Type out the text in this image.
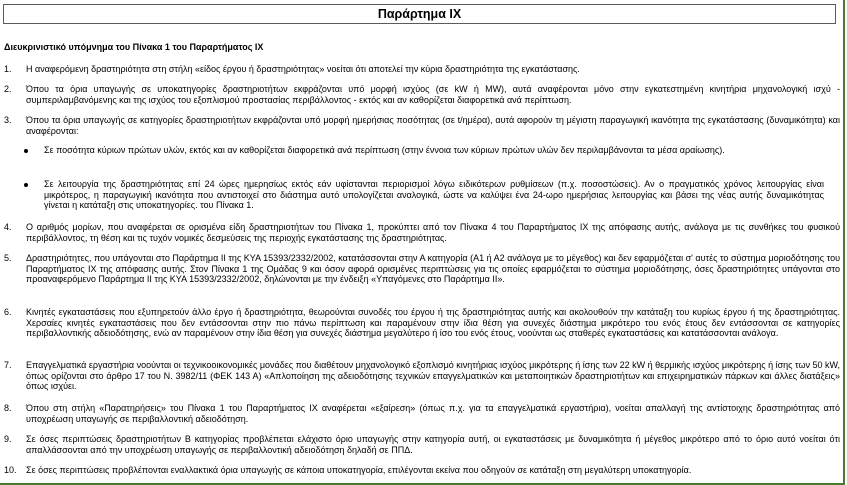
Παράρτημα ΙΧ
Διευκρινιστικό υπόμνημα του Πίνακα 1 του Παραρτήματος ΙΧ
1. Η αναφερόμενη δραστηριότητα στη στήλη «είδος έργου ή δραστηριότητας» νοείται ότι αποτελεί την κύρια δραστηριότητα της εγκατάστασης.
2. Όπου τα όρια υπαγωγής σε υποκατηγορίες δραστηριοτήτων εκφράζονται υπό μορφή ισχύος (σε kW ή MW), αυτά αναφέρονται μόνο στην εγκατεστημένη κινητήρια μηχανολογική ισχύ - συμπεριλαμβανόμενης και της ισχύος του εξοπλισμού προστασίας περιβάλλοντος - εκτός και αν καθορίζεται διαφορετικά ανά περίπτωση.
3. Όπου τα όρια υπαγωγής σε κατηγορίες δραστηριοτήτων εκφράζονται υπό μορφή ημερήσιας ποσότητας (σε t/ημέρα), αυτά αφορούν τη μέγιστη παραγωγική ικανότητα της εγκατάστασης (δυναμικότητα) και αναφέρονται:
Σε ποσότητα κύριων πρώτων υλών, εκτός και αν καθορίζεται διαφορετικά ανά περίπτωση (στην έννοια των κύριων πρώτων υλών δεν περιλαμβάνονται τα μέσα αραίωσης).
Σε λειτουργία της δραστηριότητας επί 24 ώρες ημερησίως εκτός εάν υφίστανται περιορισμοί λόγω ειδικότερων ρυθμίσεων (π.χ. ποσοστώσεις). Αν ο πραγματικός χρόνος λειτουργίας είναι μικρότερος, η παραγωγική ικανότητα που αντιστοιχεί στο διάστημα αυτό υπολογίζεται αναλογικά, ώστε να καλύψει ένα 24-ωρο ημερήσιας λειτουργίας και βάσει της νέας αυτής δυναμικότητας γίνεται η κατάταξη στις υποκατηγορίες. του Πίνακα 1.
4. Ο αριθμός μορίων, που αναφέρεται σε ορισμένα είδη δραστηριοτήτων του Πίνακα 1, προκύπτει από τον Πίνακα 4 του Παραρτήματος ΙΧ της απόφασης αυτής, ανάλογα με τις συνθήκες του φυσικού περιβάλλοντος, τη θέση και τις τυχόν νομικές δεσμεύσεις της περιοχής εγκατάστασης της δραστηριότητας.
5. Δραστηριότητες, που υπάγονται στο Παράρτημα ΙΙ της ΚΥΑ 15393/2332/2002, κατατάσσονται στην Α κατηγορία (Α1 ή Α2 ανάλογα με το μέγεθος) και δεν εφαρμόζεται σ' αυτές το σύστημα μοριοδότησης του Παραρτήματος ΙΧ της απόφασης αυτής. Στον Πίνακα 1 της Ομάδας 9 και όσον αφορά ορισμένες περιπτώσεις για τις οποίες εφαρμόζεται το σύστημα μοριοδότησης, όσες δραστηριότητες υπάγονται στο προαναφερόμενο Παράρτημα ΙΙ της ΚΥΑ 15393/2332/2002, δηλώνονται με την ένδειξη «Υπαγόμενες στο Παράρτημα ΙΙ».
6. Κινητές εγκαταστάσεις που εξυπηρετούν άλλο έργο ή δραστηριότητα, θεωρούνται συνοδές του έργου ή της δραστηριότητας αυτής και ακολουθούν την κατάταξη του κυρίως έργου ή της δραστηριότητας. Χερσαίες κινητές εγκαταστάσεις που δεν εντάσσονται στην πιο πάνω περίπτωση και παραμένουν στην ίδια θέση για συνεχές διάστημα μικρότερο του ενός έτους δεν εντάσσονται σε κατηγορίες περιβαλλοντικής αδειοδότησης, ενώ αν παραμένουν στην ίδια θέση για συνεχές διάστημα μεγαλύτερο ή ίσο του ενός έτους, νοούνται ως σταθερές εγκαταστάσεις και κατατάσσονται ανάλογα.
7. Επαγγελματικά εργαστήρια νοούνται οι τεχνικοοικονομικές μονάδες που διαθέτουν μηχανολογικό εξοπλισμό κινητήριας ισχύος μικρότερης ή ίσης των 22 kW ή θερμικής ισχύος μικρότερης ή ίσης των 50 kW, όπως ορίζονται στο άρθρο 17 του Ν. 3982/11 (ΦΕΚ 143 Α) «Απλοποίηση της αδειοδότησης τεχνικών επαγγελματικών και μεταποιητικών δραστηριοτήτων και επιχειρηματικών πάρκων και άλλες διατάξεις» όπως ισχύει.
8. Όπου στη στήλη «Παρατηρήσεις» του Πίνακα 1 του Παραρτήματος ΙΧ αναφέρεται «εξαίρεση» (όπως π.χ. για τα επαγγελματικά εργαστήρια), νοείται απαλλαγή της αντίστοιχης δραστηριότητας από υποχρέωση υπαγωγής σε περιβαλλοντική αδειοδότηση.
9. Σε όσες περιπτώσεις δραστηριοτήτων Β κατηγορίας προβλέπεται ελάχιστο όριο υπαγωγής στην κατηγορία αυτή, οι εγκαταστάσεις με δυναμικότητα ή μέγεθος μικρότερο από το όριο αυτό νοείται ότι απαλλάσσονται από την υποχρέωση υπαγωγής σε περιβαλλοντική αδειοδότηση δηλαδή σε ΠΠΔ.
10. Σε όσες περιπτώσεις προβλέπονται εναλλακτικά όρια υπαγωγής σε κάποια υποκατηγορία, επιλέγονται εκείνα που οδηγούν σε κατάταξη στη μεγαλύτερη υποκατηγορία.
